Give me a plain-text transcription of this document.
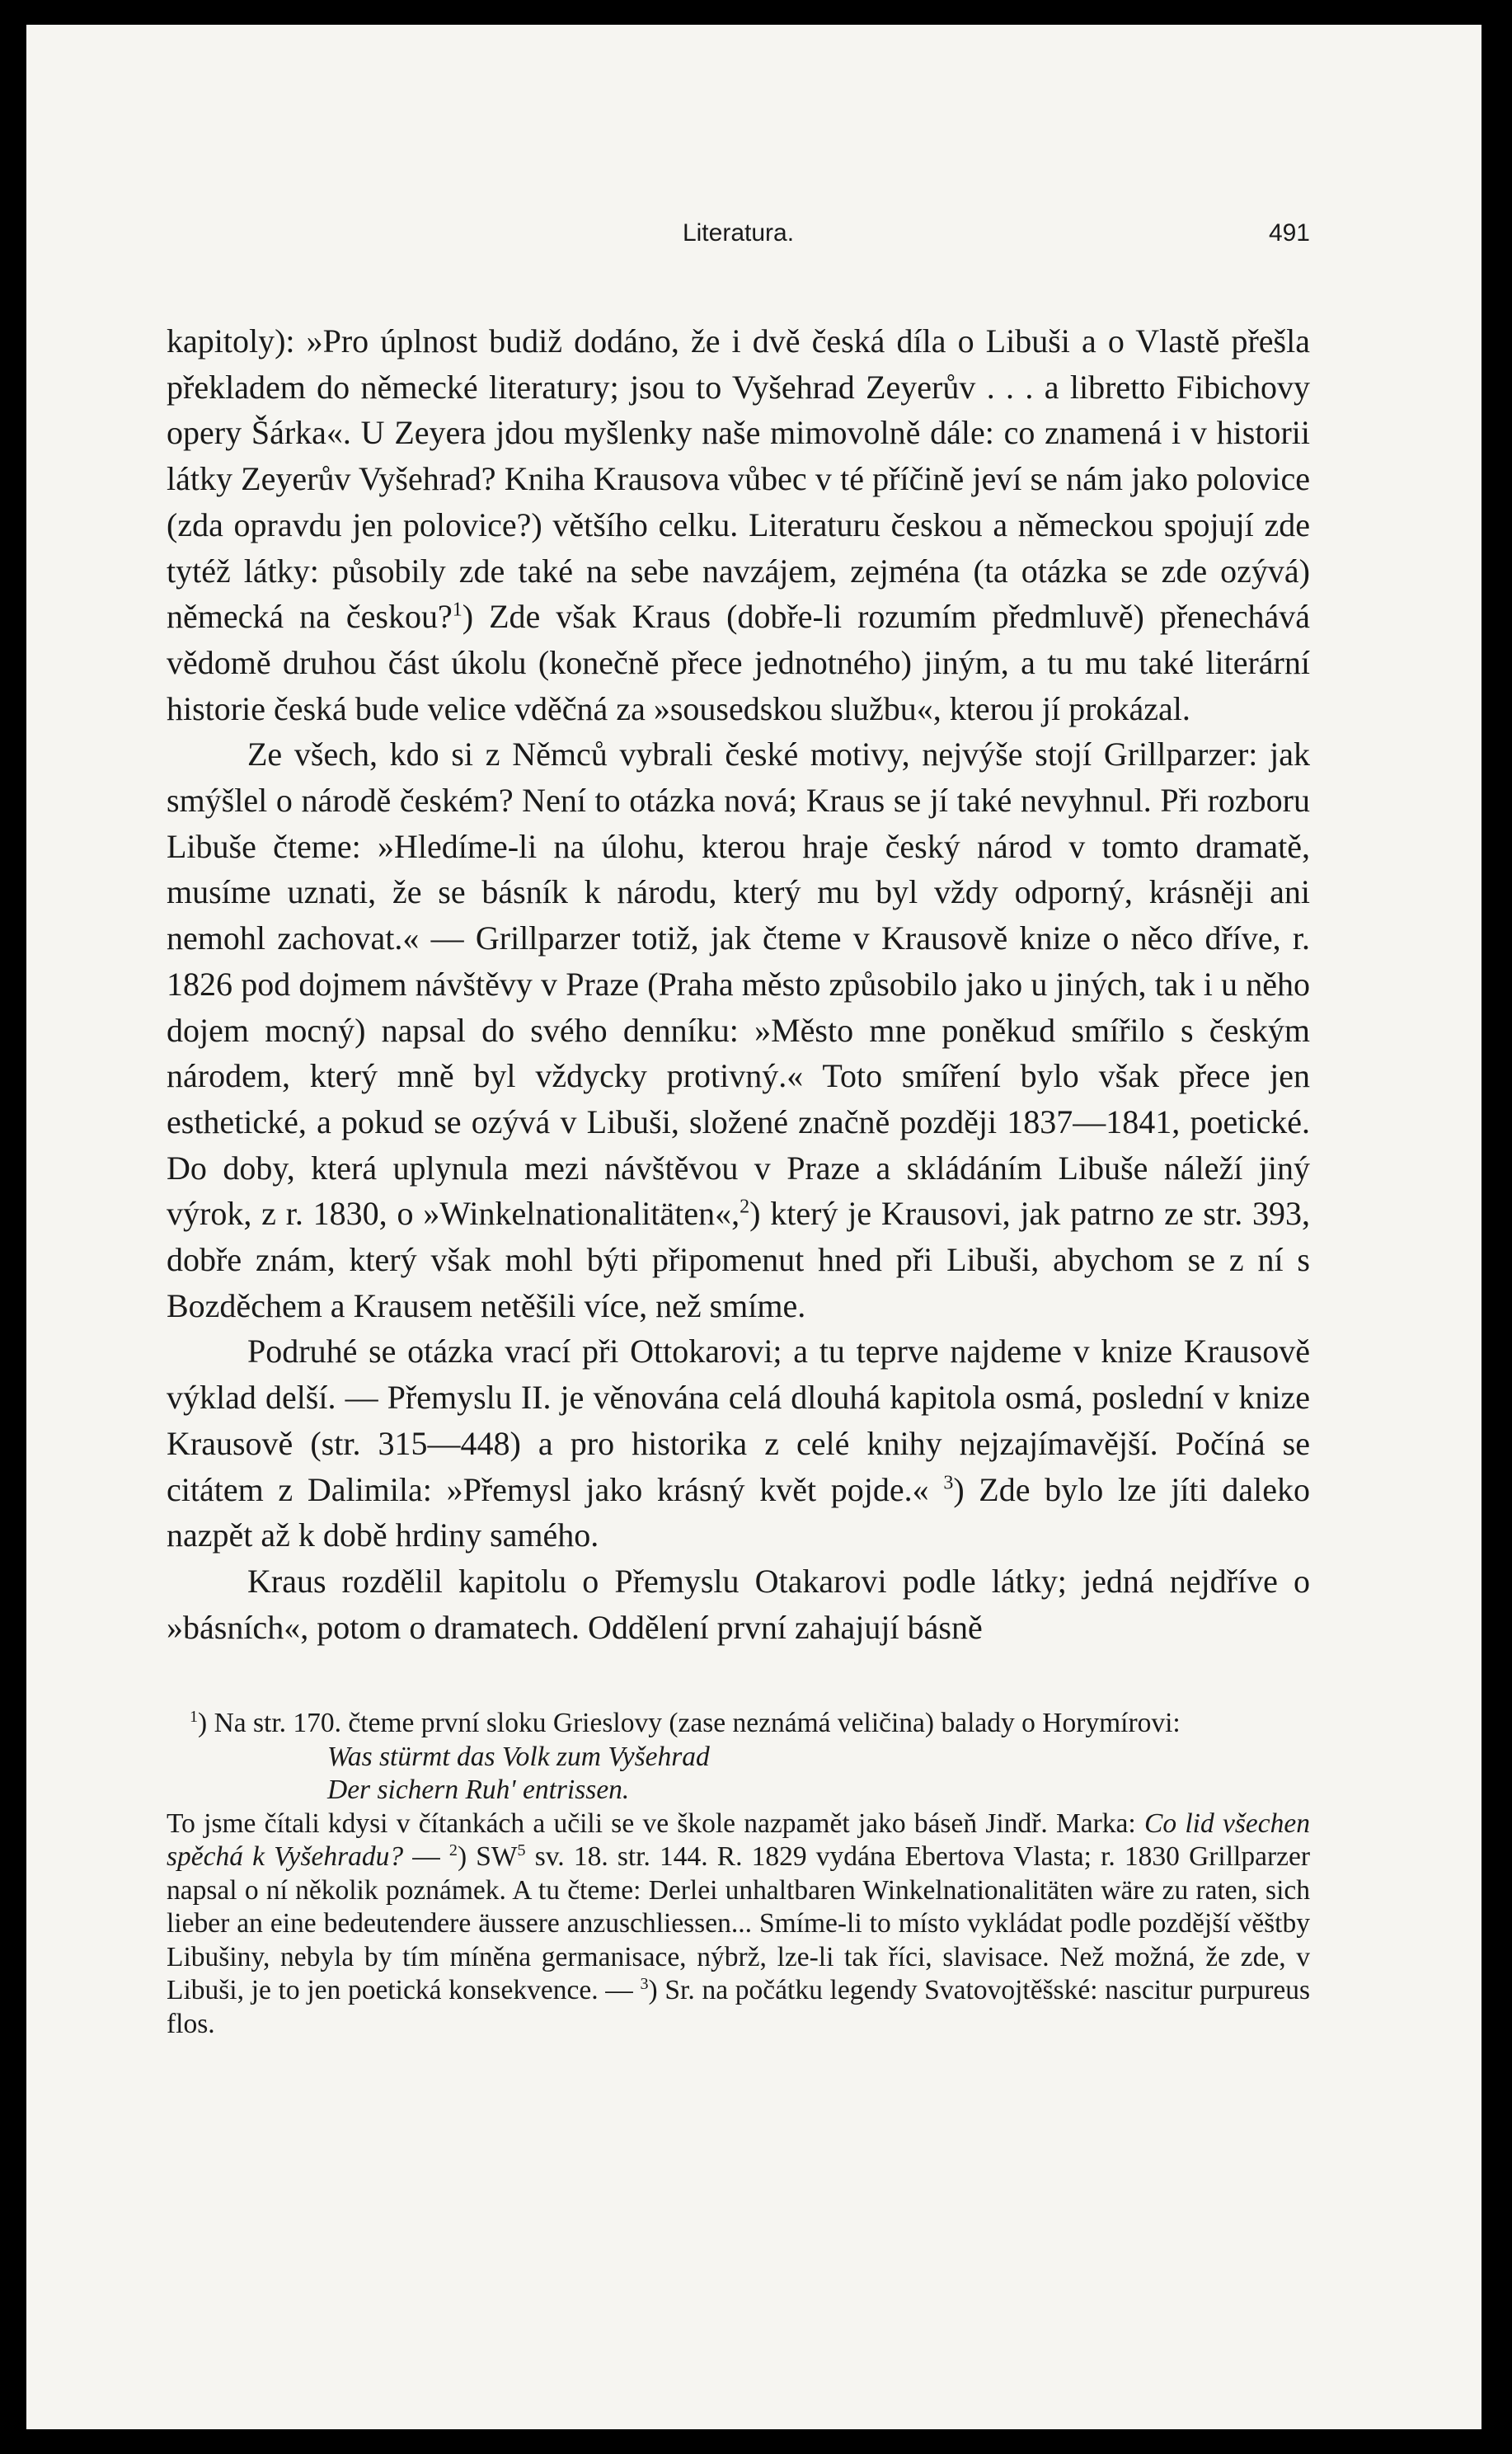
Literatura.	491

kapitoly): »Pro úplnost budiž dodáno, že i dvě česká díla o Libuši a o Vlastě přešla překladem do německé literatury; jsou to Vyšehrad Zeyerův . . . a libretto Fibichovy opery Šárka«. U Zeyera jdou myšlenky naše mimovolně dále: co znamená i v historii látky Zeyerův Vyšehrad? Kniha Krausova vůbec v té příčině jeví se nám jako polovice (zda opravdu jen polovice?) většího celku. Literaturu českou a německou spojují zde tytéž látky: působily zde také na sebe navzájem, zejména (ta otázka se zde ozývá) německá na českou?$^1$) Zde však Kraus (dobře-li rozumím předmluvě) přenechává vědomě druhou část úkolu (konečně přece jednotného) jiným, a tu mu také literární historie česká bude velice vděčná za »sousedskou službu«, kterou jí prokázal.

Ze všech, kdo si z Němců vybrali české motivy, nejvýše stojí Grillparzer: jak smýšlel o národě českém? Není to otázka nová; Kraus se jí také nevyhnul. Při rozboru Libuše čteme: »Hledíme-li na úlohu, kterou hraje český národ v tomto dramatě, musíme uznati, že se básník k národu, který mu byl vždy odporný, krásněji ani nemohl zachovat.« — Grillparzer totiž, jak čteme v Krausově knize o něco dříve, r. 1826 pod dojmem návštěvy v Praze (Praha město způsobilo jako u jiných, tak i u něho dojem mocný) napsal do svého denníku: »Město mne poněkud smířilo s českým národem, který mně byl vždycky protivný.« Toto smíření bylo však přece jen esthetické, a pokud se ozývá v Libuši, složené značně později 1837—1841, poetické. Do doby, která uplynula mezi návštěvou v Praze a skládáním Libuše náleží jiný výrok, z r. 1830, o »Winkelnationalitäten«,$^2$) který je Krausovi, jak patrno ze str. 393, dobře znám, který však mohl býti připomenut hned při Libuši, abychom se z ní s Bozděchem a Krausem netěšili více, než smíme.

Podruhé se otázka vrací při Ottokarovi; a tu teprve najdeme v knize Krausově výklad delší. — Přemyslu II. je věnována celá dlouhá kapitola osmá, poslední v knize Krausově (str. 315—448) a pro historika z celé knihy nejzajímavější. Počíná se citátem z Dalimila: »Přemysl jako krásný květ pojde.« $^3$) Zde bylo lze jíti daleko nazpět až k době hrdiny samého.

Kraus rozdělil kapitolu o Přemyslu Otakarovi podle látky; jedná nejdříve o »básních«, potom o dramatech. Oddělení první zahajují básně

$^1$) Na str. 170. čteme první sloku Grieslovy (zase neznámá veličina) balady o Horymírovi:

Was stürmt das Volk zum Vyšehrad
Der sichern Ruh' entrissen.

To jsme čítali kdysi v čítankách a učili se ve škole nazpamět jako báseň Jindř. Marka: Co lid všechen spěchá k Vyšehradu? — $^2$) $SW^5$ sv. 18. str. 144. R. 1829 vydána Ebertova Vlasta; r. 1830 Grillparzer napsal o ní několik poznámek. A tu čteme: Derlei unhaltbaren Winkelnationalitäten wäre zu raten, sich lieber an eine bedeutendere äussere anzuschliessen... Smíme-li to místo vykládat podle pozdější věštby Libušiny, nebyla by tím míněna germanisace, nýbrž, lze-li tak říci, slavisace. Než možná, že zde, v Libuši, je to jen poetická konsekvence. — $^3$) Sr. na počátku legendy Svatovojtěšské: nascitur purpureus flos.
